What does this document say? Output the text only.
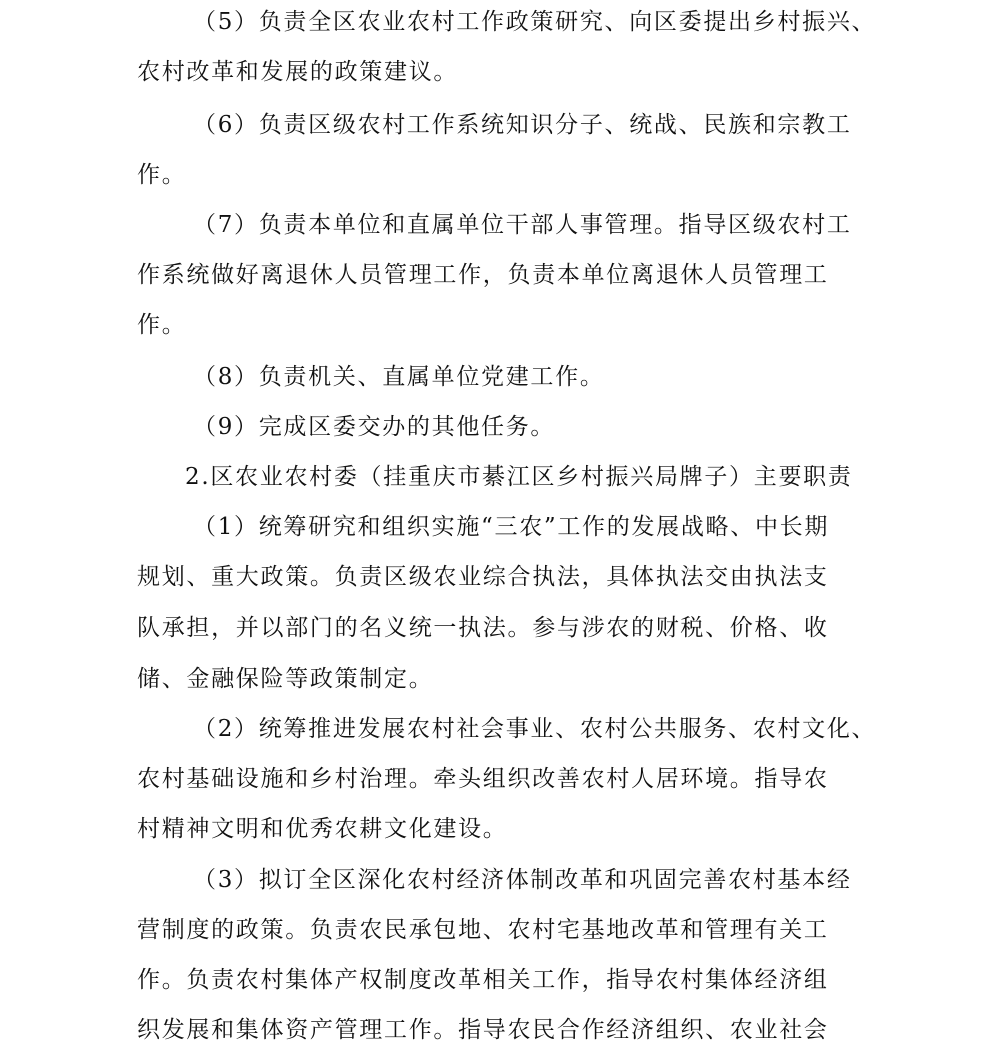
（5）负责全区农业农村工作政策研究、向区委提出乡村振兴、
农村改革和发展的政策建议。
（6）负责区级农村工作系统知识分子、统战、民族和宗教工
作。
（7）负责本单位和直属单位干部人事管理。指导区级农村工
作系统做好离退休人员管理工作，负责本单位离退休人员管理工
作。
（8）负责机关、直属单位党建工作。
（9）完成区委交办的其他任务。
2.区农业农村委（挂重庆市綦江区乡村振兴局牌子）主要职责
（1）统筹研究和组织实施“三农”工作的发展战略、中长期
规划、重大政策。负责区级农业综合执法，具体执法交由执法支
队承担，并以部门的名义统一执法。参与涉农的财税、价格、收
储、金融保险等政策制定。
（2）统筹推进发展农村社会事业、农村公共服务、农村文化、
农村基础设施和乡村治理。牵头组织改善农村人居环境。指导农
村精神文明和优秀农耕文化建设。
（3）拟订全区深化农村经济体制改革和巩固完善农村基本经
营制度的政策。负责农民承包地、农村宅基地改革和管理有关工
作。负责农村集体产权制度改革相关工作，指导农村集体经济组
织发展和集体资产管理工作。指导农民合作经济组织、农业社会
